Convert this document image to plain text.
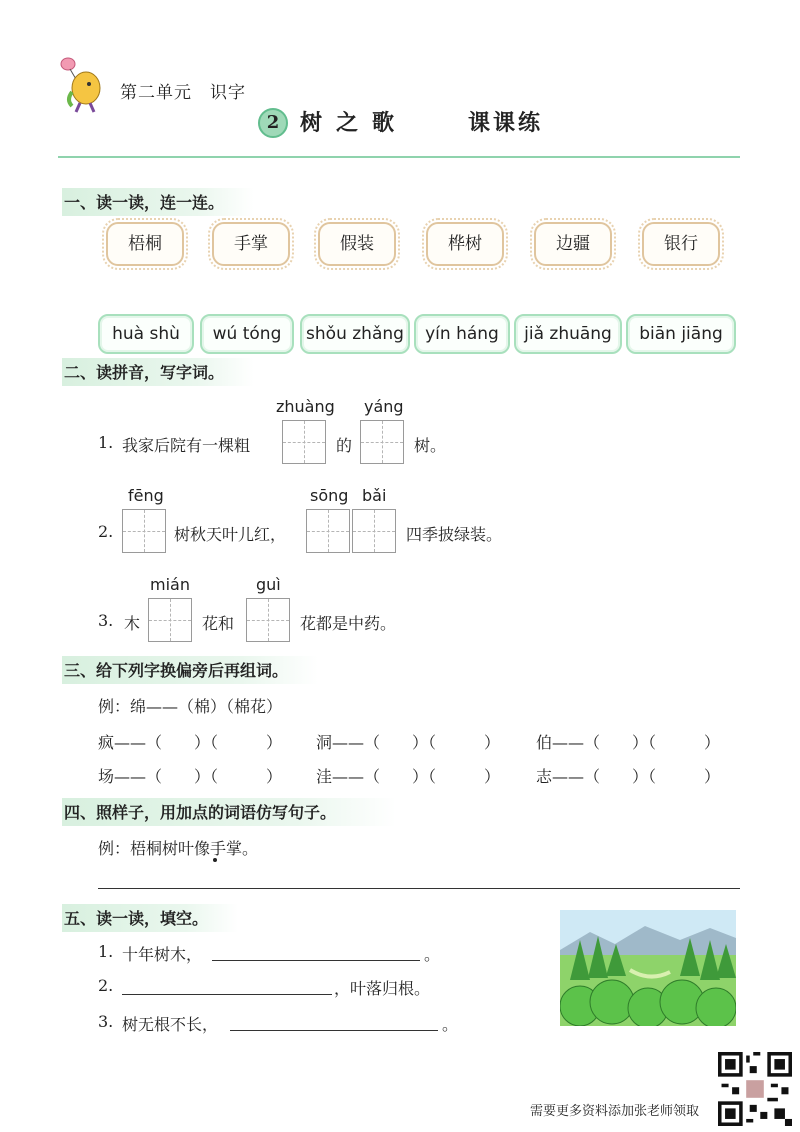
第二单元　识字
2 树之歌	课课练
一、读一读，连一连。
梧桐	手掌	假装	桦树	边疆	银行
huà shù	wú tóng	shǒu zhǎng	yín háng	jiǎ zhuāng	biān jiāng
二、读拼音，写字词。
zhuàng yáng
1. 我家后院有一棵粗	的	树。
fēng	sōng bǎi
2.	树秋天叶儿红，	四季披绿装。
mián	guì
3. 木	花和	花都是中药。
三、给下列字换偏旁后再组词。
例：绵——（棉）（棉花）
疯——（　　）（　　　） 洞——（　　）（　　　） 伯——（　　）（　　　）
场——（　　）（　　　） 洼——（　　）（　　　） 志——（　　）（　　　）
四、照样子，用加点的词语仿写句子。
例：梧桐树叶像手掌。
五、读一读，填空。
1. 十年树木，	。
2.	，叶落归根。
3. 树无根不长，	。
需要更多资料添加张老师领取
